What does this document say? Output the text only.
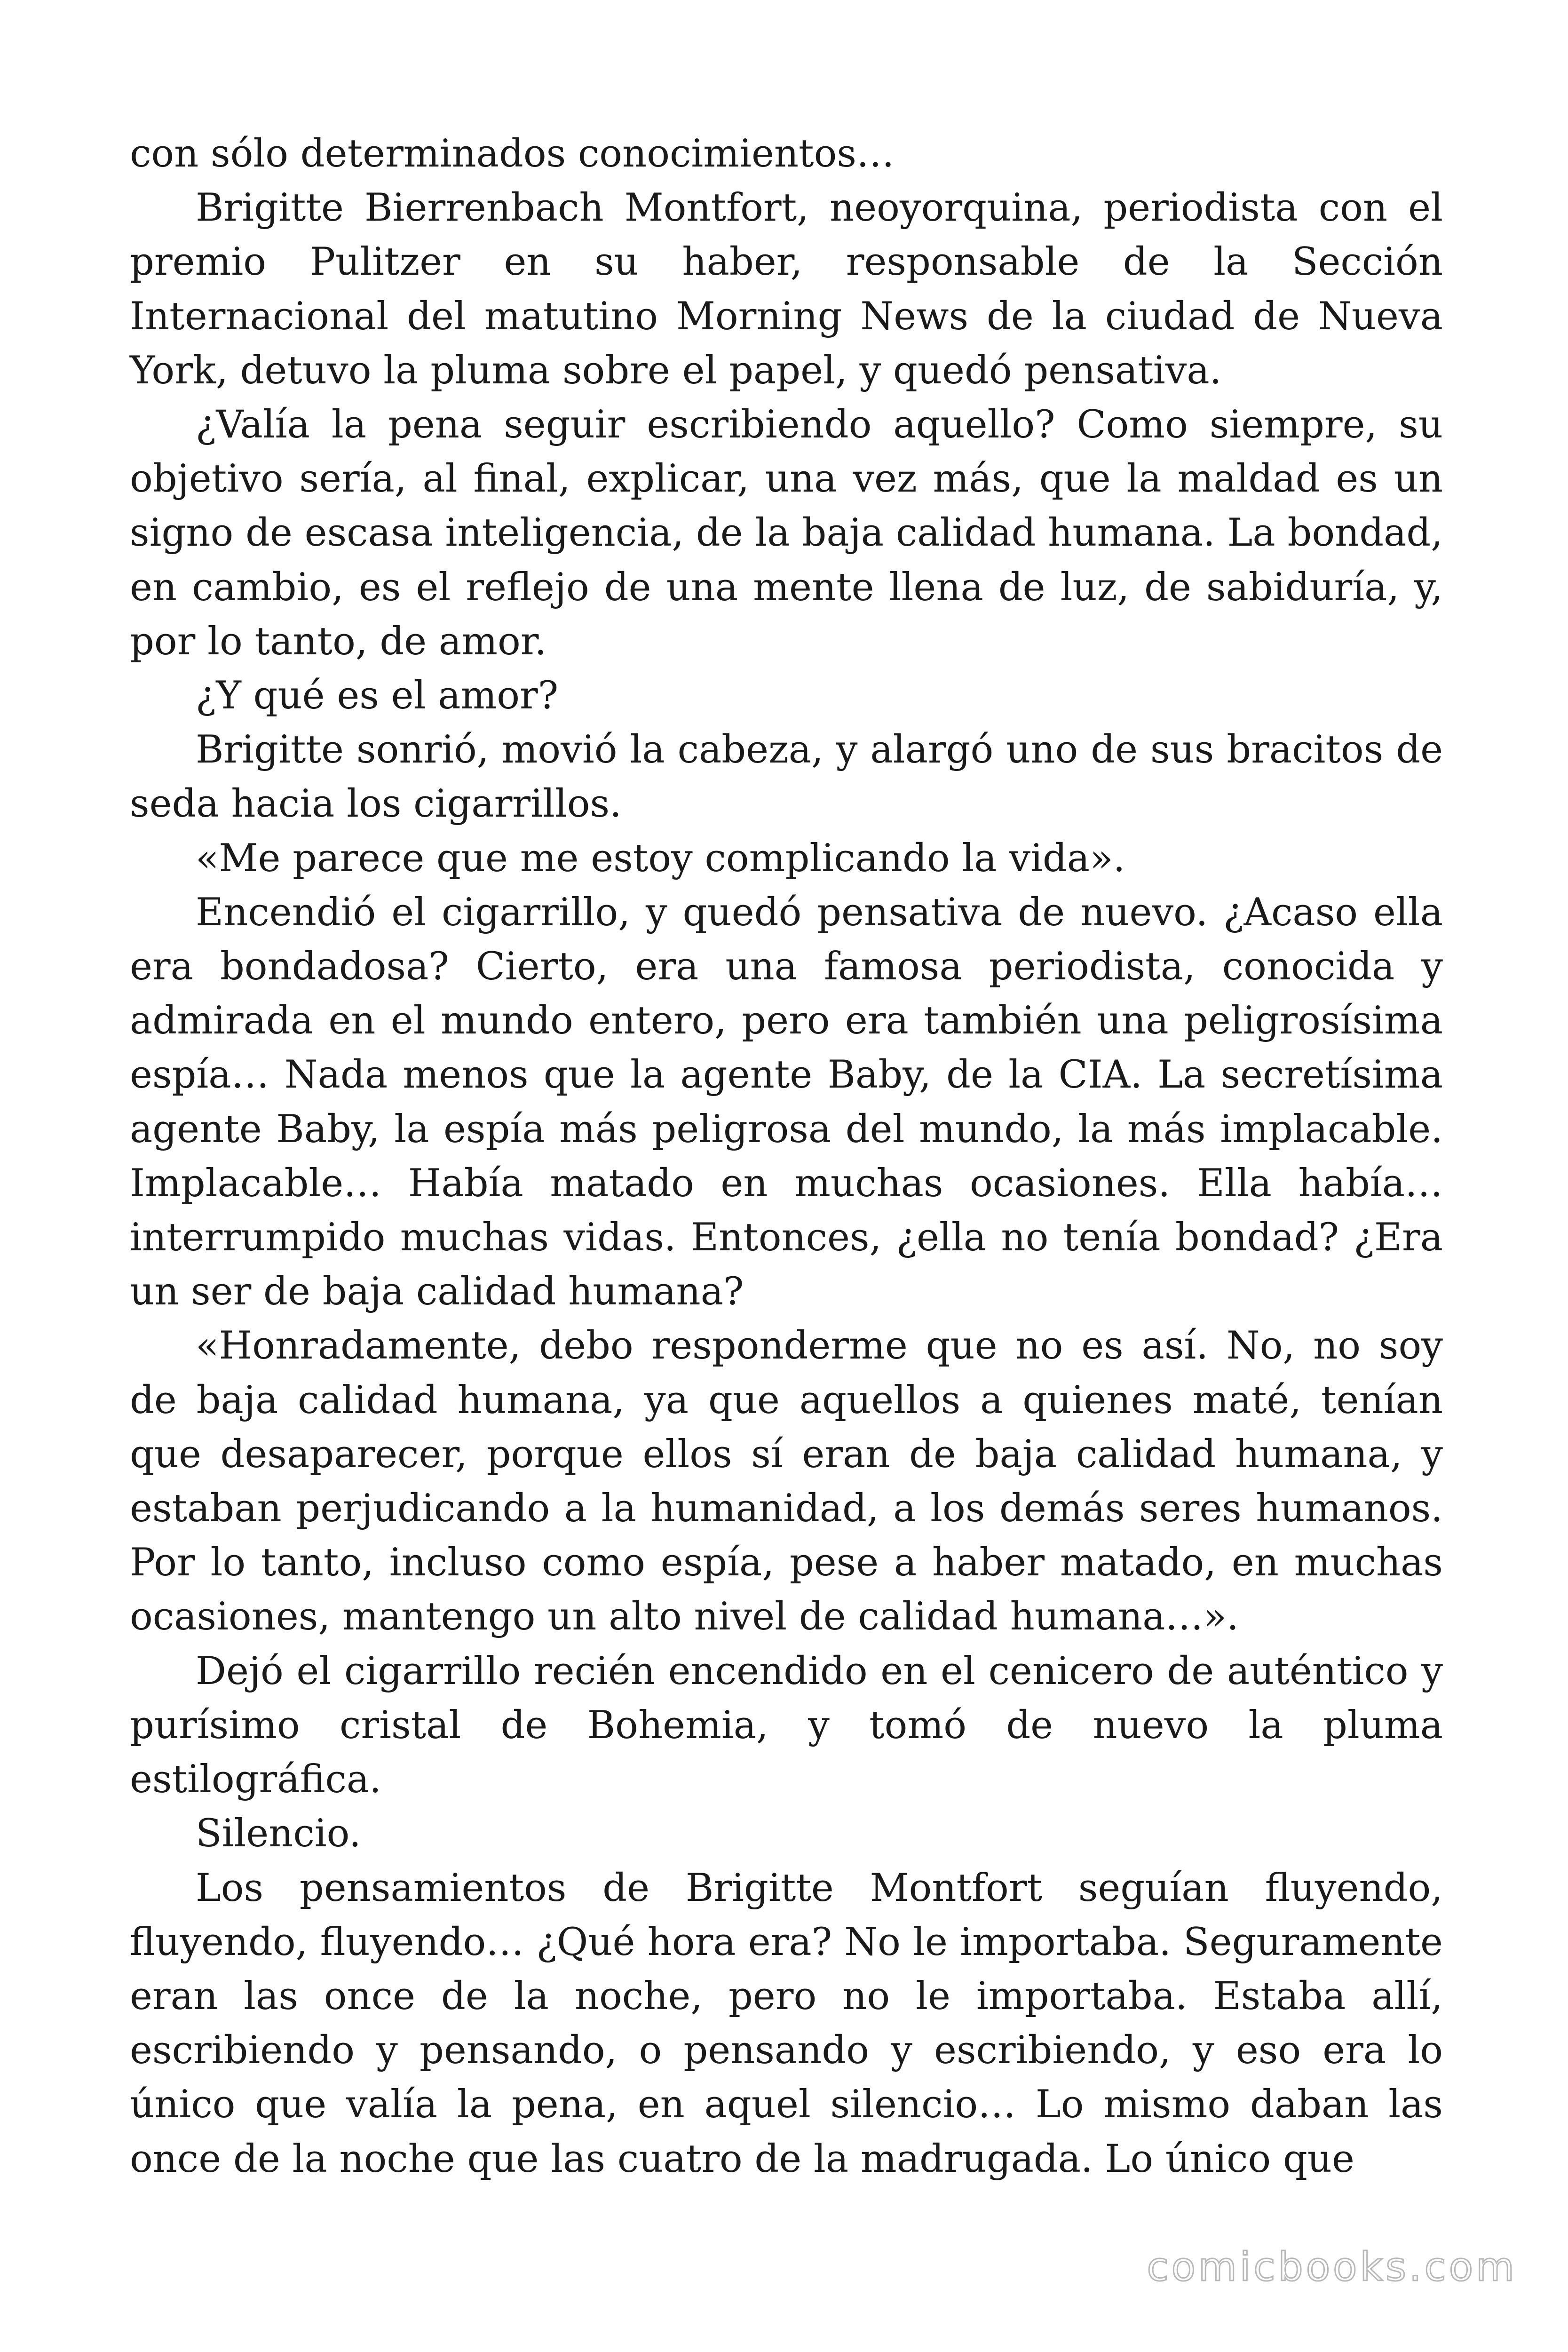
con sólo determinados conocimientos…

Brigitte Bierrenbach Montfort, neoyorquina, periodista con el premio Pulitzer en su haber, responsable de la Sección Internacional del matutino Morning News de la ciudad de Nueva York, detuvo la pluma sobre el papel, y quedó pensativa.

¿Valía la pena seguir escribiendo aquello? Como siempre, su objetivo sería, al final, explicar, una vez más, que la maldad es un signo de escasa inteligencia, de la baja calidad humana. La bondad, en cambio, es el reflejo de una mente llena de luz, de sabiduría, y, por lo tanto, de amor.

¿Y qué es el amor?

Brigitte sonrió, movió la cabeza, y alargó uno de sus bracitos de seda hacia los cigarrillos.

«Me parece que me estoy complicando la vida».

Encendió el cigarrillo, y quedó pensativa de nuevo. ¿Acaso ella era bondadosa? Cierto, era una famosa periodista, conocida y admirada en el mundo entero, pero era también una peligrosísima espía… Nada menos que la agente Baby, de la CIA. La secretísima agente Baby, la espía más peligrosa del mundo, la más implacable. Implacable… Había matado en muchas ocasiones. Ella había… interrumpido muchas vidas. Entonces, ¿ella no tenía bondad? ¿Era un ser de baja calidad humana?

«Honradamente, debo responderme que no es así. No, no soy de baja calidad humana, ya que aquellos a quienes maté, tenían que desaparecer, porque ellos sí eran de baja calidad humana, y estaban perjudicando a la humanidad, a los demás seres humanos. Por lo tanto, incluso como espía, pese a haber matado, en muchas ocasiones, mantengo un alto nivel de calidad humana…».

Dejó el cigarrillo recién encendido en el cenicero de auténtico y purísimo cristal de Bohemia, y tomó de nuevo la pluma estilográfica.

Silencio.

Los pensamientos de Brigitte Montfort seguían fluyendo, fluyendo, fluyendo… ¿Qué hora era? No le importaba. Seguramente eran las once de la noche, pero no le importaba. Estaba allí, escribiendo y pensando, o pensando y escribiendo, y eso era lo único que valía la pena, en aquel silencio… Lo mismo daban las once de la noche que las cuatro de la madrugada. Lo único que

comicbooks.com
